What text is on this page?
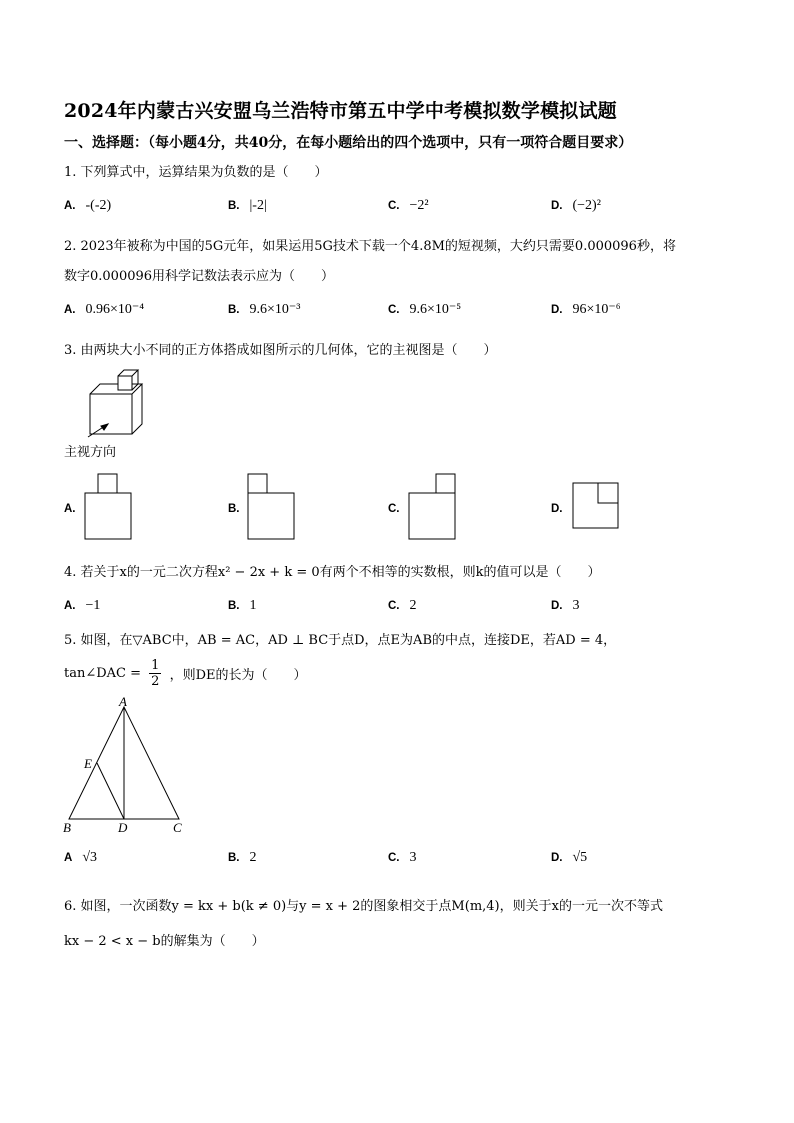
2024年内蒙古兴安盟乌兰浩特市第五中学中考模拟数学模拟试题
一、选择题：（每小题4分，共40分，在每小题给出的四个选项中，只有一项符合题目要求）
1. 下列算式中，运算结果为负数的是（　　）
A. -(-2)	B. |-2|	C. −2²	D. (−2)²
2. 2023年被称为中国的5G元年，如果运用5G技术下载一个4.8M的短视频，大约只需要0.000096秒，将
数字0.000096用科学记数法表示应为（　　）
A. 0.96×10⁻⁴	B. 9.6×10⁻³	C. 9.6×10⁻⁵	D. 96×10⁻⁶
3. 由两块大小不同的正方体搭成如图所示的几何体，它的主视图是（　　）
主视方向
A.	B.	C.	D.
4. 若关于x的一元二次方程x² − 2x + k = 0有两个不相等的实数根，则k的值可以是（　　）
A. −1	B. 1	C. 2	D. 3
5. 如图，在▽ABC中，AB = AC，AD ⊥ BC于点D，点E为AB的中点，连接DE，若AD = 4，
tan∠DAC = $\frac{1}{2}$ ，则DE的长为（　　）
A
B	D	C
E
A √3	B. 2	C. 3	D. √5
6. 如图，一次函数y = kx + b(k ≠ 0)与y = x + 2的图象相交于点M(m,4)，则关于x的一元一次不等式
kx − 2 < x − b的解集为（　　）
